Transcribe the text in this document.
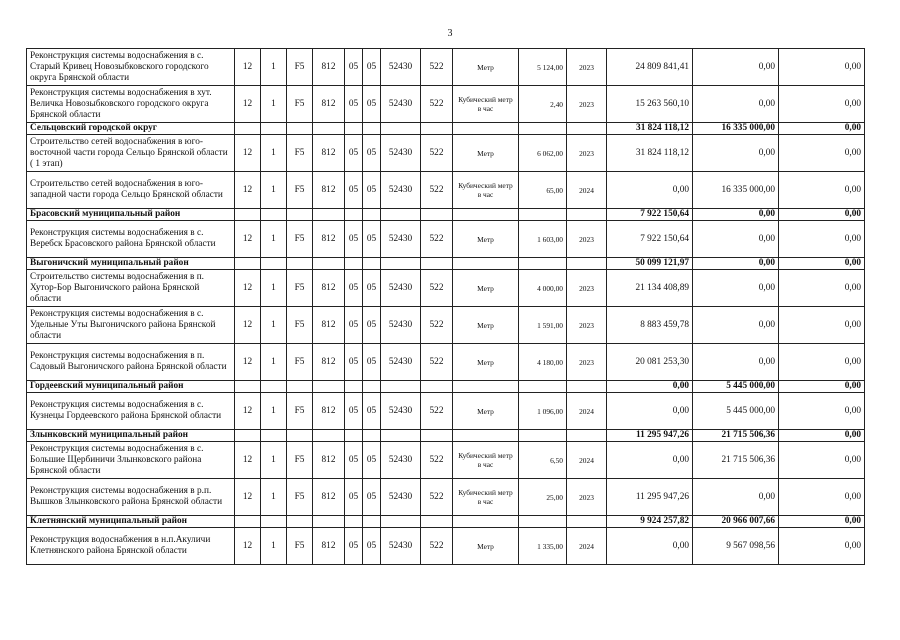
3
Реконструкция системы водоснабжения в с. Старый Кривец Новозыбковского городского округа Брянской области	12	1	F5	812	05	05	52430	522	Метр	5 124,00	2023	24 809 841,41	0,00	0,00
Реконструкция системы водоснабжения в хут. Величка Новозыбковского городского округа Брянской области	12	1	F5	812	05	05	52430	522	Кубический метр в час	2,40	2023	15 263 560,10	0,00	0,00
Сельцовский городской округ												31 824 118,12	16 335 000,00	0,00
Строительство сетей водоснабжения в юго-восточной части города Сельцо Брянской области ( 1 этап)	12	1	F5	812	05	05	52430	522	Метр	6 062,00	2023	31 824 118,12	0,00	0,00
Строительство сетей водоснабжения в юго-западной части города Сельцо Брянской области	12	1	F5	812	05	05	52430	522	Кубический метр в час	65,00	2024	0,00	16 335 000,00	0,00
Брасовский муниципальный район												7 922 150,64	0,00	0,00
Реконструкция системы водоснабжения в с. Веребск Брасовского района Брянской области	12	1	F5	812	05	05	52430	522	Метр	1 603,00	2023	7 922 150,64	0,00	0,00
Выгоничский муниципальный район												50 099 121,97	0,00	0,00
Строительство системы водоснабжения в п. Хутор-Бор Выгоничского района Брянской области	12	1	F5	812	05	05	52430	522	Метр	4 000,00	2023	21 134 408,89	0,00	0,00
Реконструкция системы водоснабжения в с. Удельные Уты Выгоничского района Брянской области	12	1	F5	812	05	05	52430	522	Метр	1 591,00	2023	8 883 459,78	0,00	0,00
Реконструкция системы водоснабжения в п. Садовый Выгоничского района Брянской области	12	1	F5	812	05	05	52430	522	Метр	4 180,00	2023	20 081 253,30	0,00	0,00
Гордеевский муниципальный район												0,00	5 445 000,00	0,00
Реконструкция системы водоснабжения в с. Кузнецы Гордеевского района Брянской области	12	1	F5	812	05	05	52430	522	Метр	1 096,00	2024	0,00	5 445 000,00	0,00
Злынковский муниципальный район												11 295 947,26	21 715 506,36	0,00
Реконструкция системы водоснабжения в с. Большие Щербиничи Злынковского района Брянской области	12	1	F5	812	05	05	52430	522	Кубический метр в час	6,50	2024	0,00	21 715 506,36	0,00
Реконструкция системы водоснабжения в р.п. Вышков Злынковского района Брянской области	12	1	F5	812	05	05	52430	522	Кубический метр в час	25,00	2023	11 295 947,26	0,00	0,00
Клетнянский муниципальный район												9 924 257,82	20 966 007,66	0,00
Реконструкция водоснабжения в н.п.Акуличи Клетнянского района Брянской области	12	1	F5	812	05	05	52430	522	Метр	1 335,00	2024	0,00	9 567 098,56	0,00
